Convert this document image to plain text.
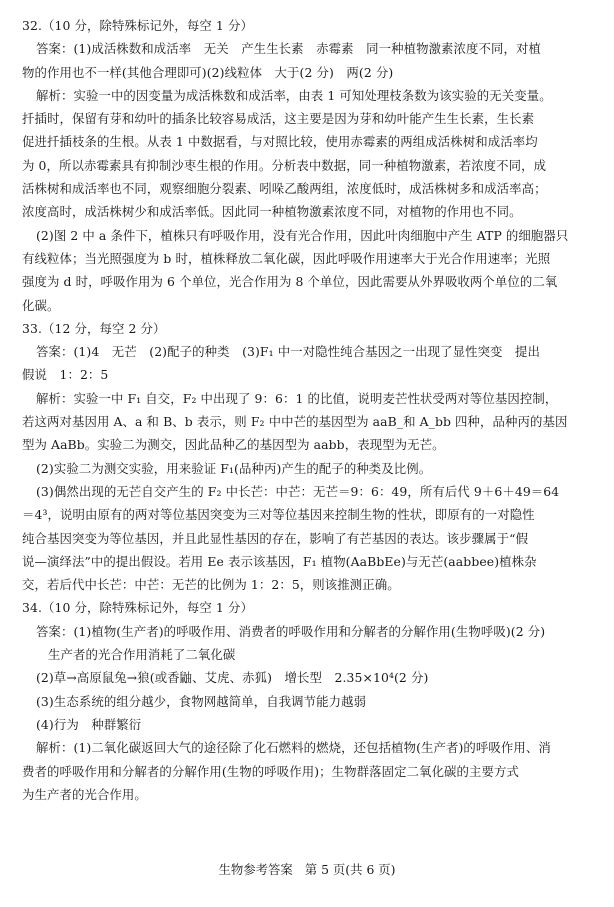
32.（10 分，除特殊标记外，每空 1 分）
答案：(1)成活株数和成活率　无关　产生生长素　赤霉素　同一种植物激素浓度不同，对植
物的作用也不一样(其他合理即可)(2)线粒体　大于(2 分)　两(2 分)
解析：实验一中的因变量为成活株数和成活率，由表 1 可知处理枝条数为该实验的无关变量。
扦插时，保留有芽和幼叶的插条比较容易成活，这主要是因为芽和幼叶能产生生长素，生长素
促进扦插枝条的生根。从表 1 中数据看，与对照比较，使用赤霉素的两组成活株树和成活率均
为 0，所以赤霉素具有抑制沙枣生根的作用。分析表中数据，同一种植物激素，若浓度不同，成
活株树和成活率也不同，观察细胞分裂素、吲哚乙酸两组，浓度低时，成活株树多和成活率高；
浓度高时，成活株树少和成活率低。因此同一种植物激素浓度不同，对植物的作用也不同。
(2)图 2 中 a 条件下，植株只有呼吸作用，没有光合作用，因此叶肉细胞中产生 ATP 的细胞器只
有线粒体；当光照强度为 b 时，植株释放二氧化碳，因此呼吸作用速率大于光合作用速率；光照
强度为 d 时，呼吸作用为 6 个单位，光合作用为 8 个单位，因此需要从外界吸收两个单位的二氧
化碳。
33.（12 分，每空 2 分）
答案：(1)4　无芒　(2)配子的种类　(3)F₁ 中一对隐性纯合基因之一出现了显性突变　提出
假说　1：2：5
解析：实验一中 F₁ 自交，F₂ 中出现了 9：6：1 的比值，说明麦芒性状受两对等位基因控制，
若这两对基因用 A、a 和 B、b 表示，则 F₂ 中中芒的基因型为 aaB_和 A_bb 四种，品种丙的基因
型为 AaBb。实验二为测交，因此品种乙的基因型为 aabb，表现型为无芒。
(2)实验二为测交实验，用来验证 F₁(品种丙)产生的配子的种类及比例。
(3)偶然出现的无芒自交产生的 F₂ 中长芒：中芒：无芒＝9：6：49，所有后代 9＋6＋49＝64
＝4³，说明由原有的两对等位基因突变为三对等位基因来控制生物的性状，即原有的一对隐性
纯合基因突变为等位基因，并且此显性基因的存在，影响了有芒基因的表达。该步骤属于“假
说—演绎法”中的提出假设。若用 Ee 表示该基因，F₁ 植物(AaBbEe)与无芒(aabbee)植株杂
交，若后代中长芒：中芒：无芒的比例为 1：2：5，则该推测正确。
34.（10 分，除特殊标记外，每空 1 分）
答案：(1)植物(生产者)的呼吸作用、消费者的呼吸作用和分解者的分解作用(生物呼吸)(2 分)
生产者的光合作用消耗了二氧化碳
(2)草→高原鼠兔→狼(或香鼬、艾虎、赤狐)　增长型　2.35×10⁴(2 分)
(3)生态系统的组分越少，食物网越简单，自我调节能力越弱
(4)行为　种群繁衍
解析：(1)二氧化碳返回大气的途径除了化石燃料的燃烧，还包括植物(生产者)的呼吸作用、消
费者的呼吸作用和分解者的分解作用(生物的呼吸作用)；生物群落固定二氧化碳的主要方式
为生产者的光合作用。
生物参考答案 第 5 页(共 6 页)
